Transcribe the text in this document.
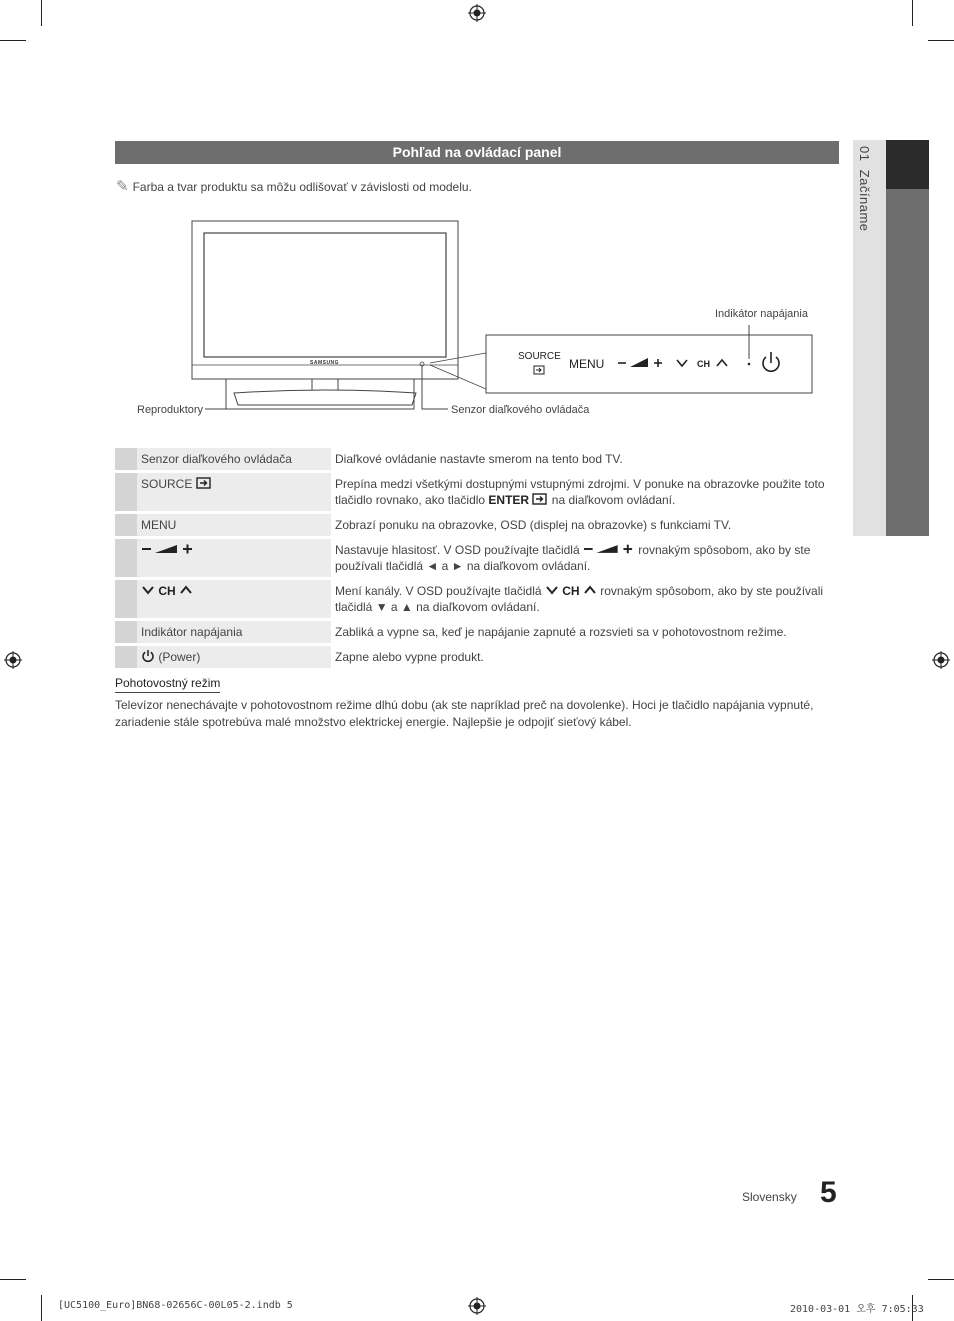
01  Začíname
Pohľad na ovládací panel
✎ Farba a tvar produktu sa môžu odlišovať v závislosti od modelu.
SAMSUNG
Indikátor napájania
Reproduktory	Senzor diaľkového ovládača
SOURCE
MENU	CH
	Senzor diaľkového ovládača	Diaľkové ovládanie nastavte smerom na tento bod TV.
	SOURCE	Prepína medzi všetkými dostupnými vstupnými zdrojmi. V ponuke na obrazovke použite toto tlačidlo rovnako, ako tlačidlo ENTER  na diaľkovom ovládaní.
	MENU	Zobrazí ponuku na obrazovke, OSD (displej na obrazovke) s funkciami TV.
		Nastavuje hlasitosť. V OSD používajte tlačidlá rovnakým spôsobom, ako by ste používali tlačidlá ◄ a ► na diaľkovom ovládaní.
	CH	Mení kanály. V OSD používajte tlačidlá  CH  rovnakým spôsobom, ako by ste používali tlačidlá ▼ a ▲ na diaľkovom ovládaní.
	Indikátor napájania	Zabliká a vypne sa, keď je napájanie zapnuté a rozsvieti sa v pohotovostnom režime.
	(Power)	Zapne alebo vypne produkt.
Pohotovostný režim
Televízor nenechávajte v pohotovostnom režime dlhú dobu (ak ste napríklad preč na dovolenke). Hoci je tlačidlo napájania vypnuté, zariadenie stále spotrebúva malé množstvo elektrickej energie. Najlepšie je odpojiť sieťový kábel.
Slovensky 5
[UC5100_Euro]BN68-02656C-00L05-2.indb 5	2010-03-01 오후 7:05:33
